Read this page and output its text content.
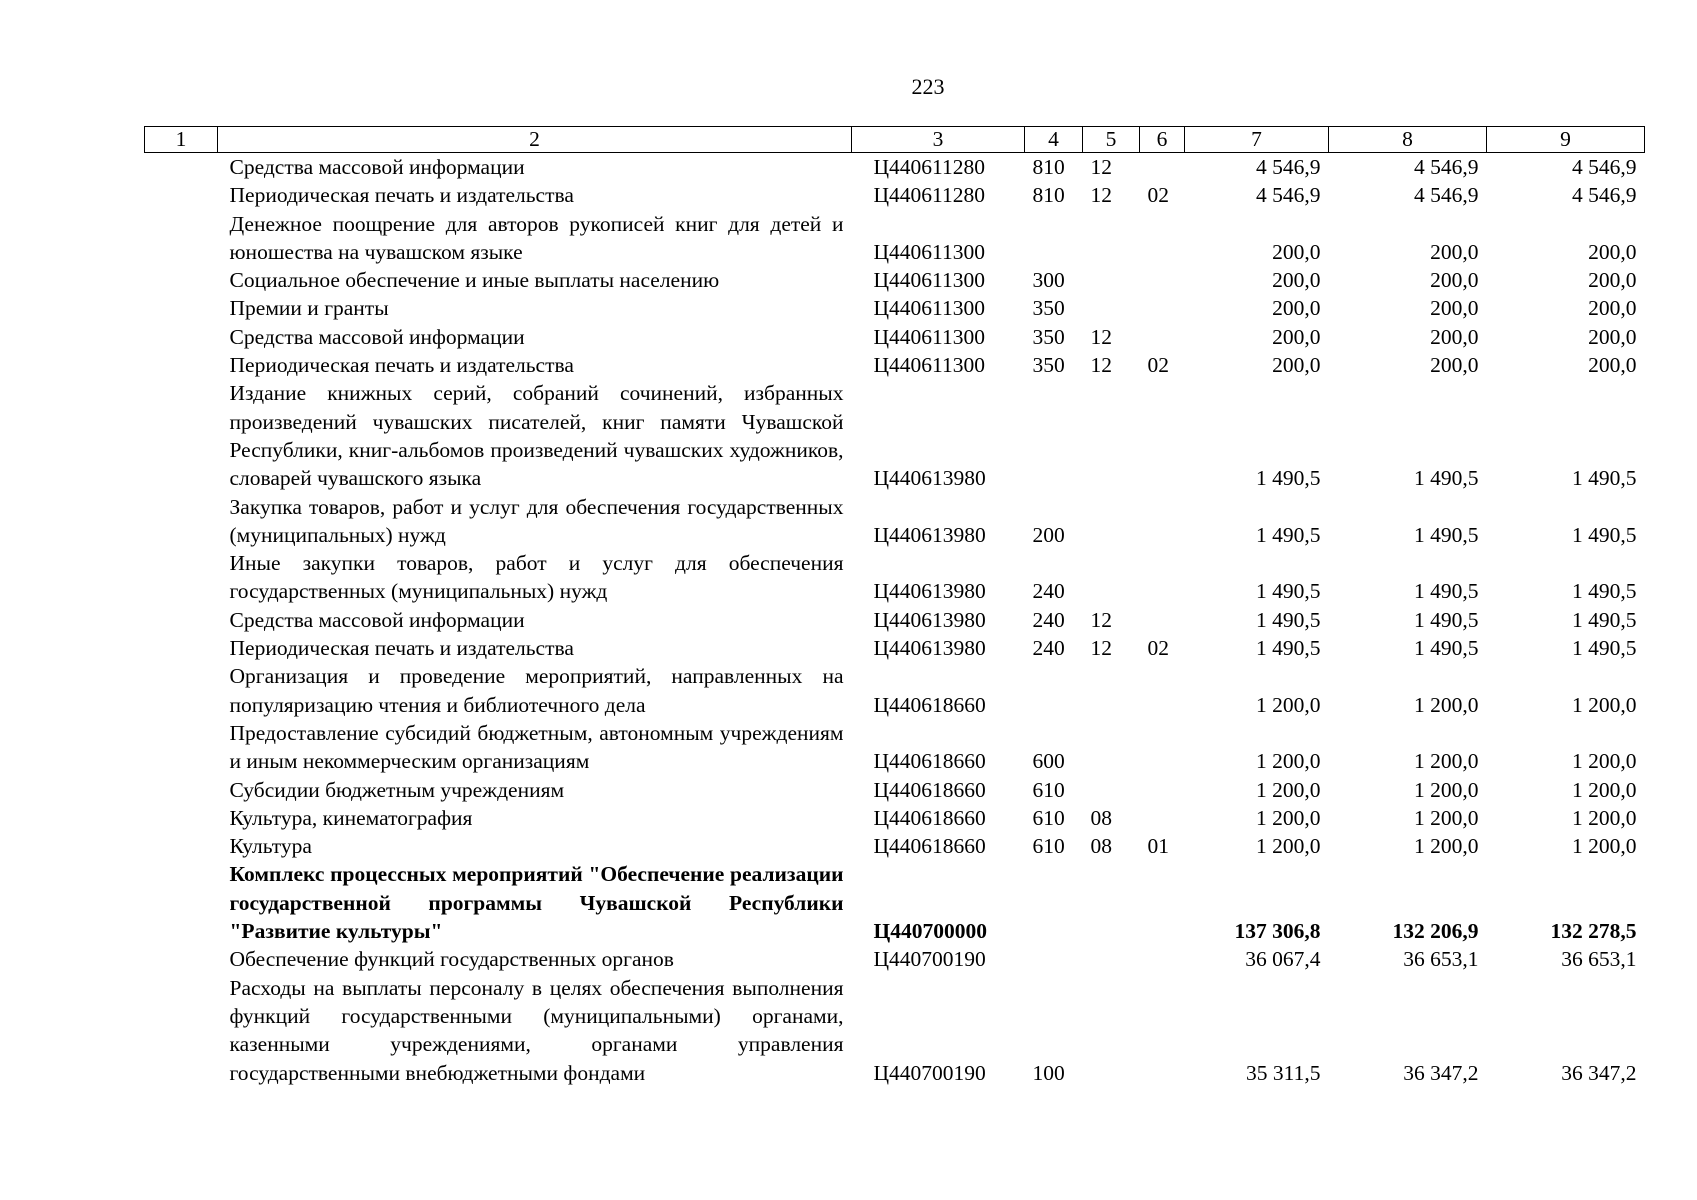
223
1	2	3	4	5	6	7	8	9
	Средства массовой информации	Ц440611280	810	12		4 546,9	4 546,9	4 546,9
	Периодическая печать и издательства	Ц440611280	810	12	02	4 546,9	4 546,9	4 546,9
	Денежное поощрение для авторов рукописей книг для детей и юношества на чувашском языке	Ц440611300				200,0	200,0	200,0
	Социальное обеспечение и иные выплаты населению	Ц440611300	300			200,0	200,0	200,0
	Премии и гранты	Ц440611300	350			200,0	200,0	200,0
	Средства массовой информации	Ц440611300	350	12		200,0	200,0	200,0
	Периодическая печать и издательства	Ц440611300	350	12	02	200,0	200,0	200,0
	Издание книжных серий, собраний сочинений, избранных произведений чувашских писателей, книг памяти Чувашской Республики, книг-альбомов произведений чувашских художников, словарей чувашского языка	Ц440613980				1 490,5	1 490,5	1 490,5
	Закупка товаров, работ и услуг для обеспечения государственных (муниципальных) нужд	Ц440613980	200			1 490,5	1 490,5	1 490,5
	Иные закупки товаров, работ и услуг для обеспечения государственных (муниципальных) нужд	Ц440613980	240			1 490,5	1 490,5	1 490,5
	Средства массовой информации	Ц440613980	240	12		1 490,5	1 490,5	1 490,5
	Периодическая печать и издательства	Ц440613980	240	12	02	1 490,5	1 490,5	1 490,5
	Организация и проведение мероприятий, направленных на популяризацию чтения и библиотечного дела	Ц440618660				1 200,0	1 200,0	1 200,0
	Предоставление субсидий бюджетным, автономным учреждениям и иным некоммерческим организациям	Ц440618660	600			1 200,0	1 200,0	1 200,0
	Субсидии бюджетным учреждениям	Ц440618660	610			1 200,0	1 200,0	1 200,0
	Культура, кинематография	Ц440618660	610	08		1 200,0	1 200,0	1 200,0
	Культура	Ц440618660	610	08	01	1 200,0	1 200,0	1 200,0
	Комплекс процессных мероприятий "Обеспечение реализации государственной программы Чувашской Республики "Развитие культуры"	Ц440700000				137 306,8	132 206,9	132 278,5
	Обеспечение функций государственных органов	Ц440700190				36 067,4	36 653,1	36 653,1
	Расходы на выплаты персоналу в целях обеспечения выполнения функций государственными (муниципальными) органами, казенными учреждениями, органами управления государственными внебюджетными фондами	Ц440700190	100			35 311,5	36 347,2	36 347,2
